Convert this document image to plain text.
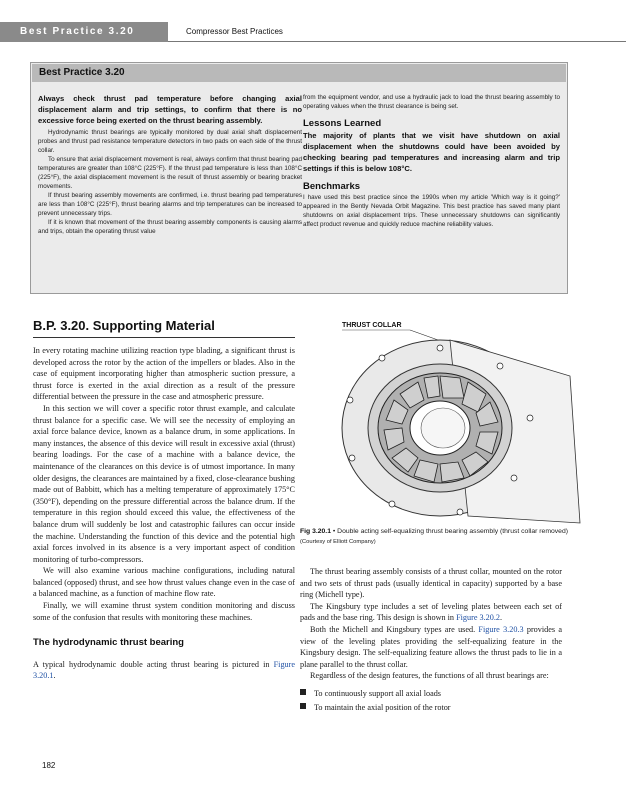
Best Practice 3.20	Compressor Best Practices
Best Practice 3.20

Always check thrust pad temperature before changing axial displacement alarm and trip settings, to confirm that there is no excessive force being exerted on the thrust bearing assembly.

Hydrodynamic thrust bearings are typically monitored by dual axial shaft displacement probes and thrust pad resistance temperature detectors in two pads on each side of the thrust collar.

To ensure that axial displacement movement is real, always confirm that thrust bearing pad temperatures are greater than 108°C (225°F). If the thrust pad temperature is less than 108°C (225°F), the axial displacement movement is the result of thrust assembly or bearing bracket movements.

If thrust bearing assembly movements are confirmed, i.e. thrust bearing pad temperatures are less than 108°C (225°F), thrust bearing alarms and trip temperatures can be increased to prevent unnecessary trips.

If it is known that movement of the thrust bearing assembly components is causing alarms and trips, obtain the operating thrust value

from the equipment vendor, and use a hydraulic jack to load the thrust bearing assembly to operating values when the thrust clearance is being set.

Lessons Learned

The majority of plants that we visit have shutdown on axial displacement when the shutdowns could have been avoided by checking bearing pad temperatures and increasing alarm and trip settings if this is below 108°C.

Benchmarks

I have used this best practice since the 1990s when my article 'Which way is it going?' appeared in the Bently Nevada Orbit Magazine. This best practice has saved many plant shutdowns on axial displacement trips. These unnecessary shutdowns can significantly affect product revenue and quickly reduce machine reliability values.

B.P. 3.20. Supporting Material

In every rotating machine utilizing reaction type blading, a significant thrust is developed across the rotor by the action of the impellers or blades. Also in the case of equipment incorporating higher than atmospheric suction pressure, a thrust force is exerted in the axial direction as a result of the pressure differential between the pressure in the case and atmospheric pressure.

In this section we will cover a specific rotor thrust example, and calculate thrust balance for a specific case. We will see the necessity of employing an axial force balance device, known as a balance drum, in some applications. In many instances, the absence of this device will result in excessive axial (thrust) bearing loadings. For the case of a machine with a balance device, the maintenance of the clearances on this device is of utmost importance. In many older designs, the clearances are maintained by a fixed, close-clearance bushing made out of Babbitt, which has a melting temperature of approximately 175°C (350°F), depending on the pressure differential across the balance drum. If the temperature in this region should exceed this value, the effectiveness of the balance drum will suddenly be lost and catastrophic failures can occur inside the machine. Understanding the function of this device and the potential high axial forces involved in its absence is a very important aspect of condition monitoring of turbo-compressors.

We will also examine various machine configurations, including natural balanced (opposed) thrust, and see how thrust values change even in the case of a balanced machine, as a function of machine flow rate.

Finally, we will examine thrust system condition monitoring and discuss some of the confusion that results with monitoring these machines.

The hydrodynamic thrust bearing

A typical hydrodynamic double acting thrust bearing is pictured in Figure 3.20.1.

THRUST COLLAR
Fig 3.20.1 • Double acting self-equalizing thrust bearing assembly (thrust collar removed) (Courtesy of Elliott Company)

The thrust bearing assembly consists of a thrust collar, mounted on the rotor and two sets of thrust pads (usually identical in capacity) supported by a base ring (Michell type).

The Kingsbury type includes a set of leveling plates between each set of pads and the base ring. This design is shown in Figure 3.20.2.

Both the Michell and Kingsbury types are used. Figure 3.20.3 provides a view of the leveling plates providing the self-equalizing feature in the Kingsbury design. The self-equalizing feature allows the thrust pads to lie in a plane parallel to the thrust collar.

Regardless of the design features, the functions of all thrust bearings are:

To continuously support all axial loads
To maintain the axial position of the rotor
182
